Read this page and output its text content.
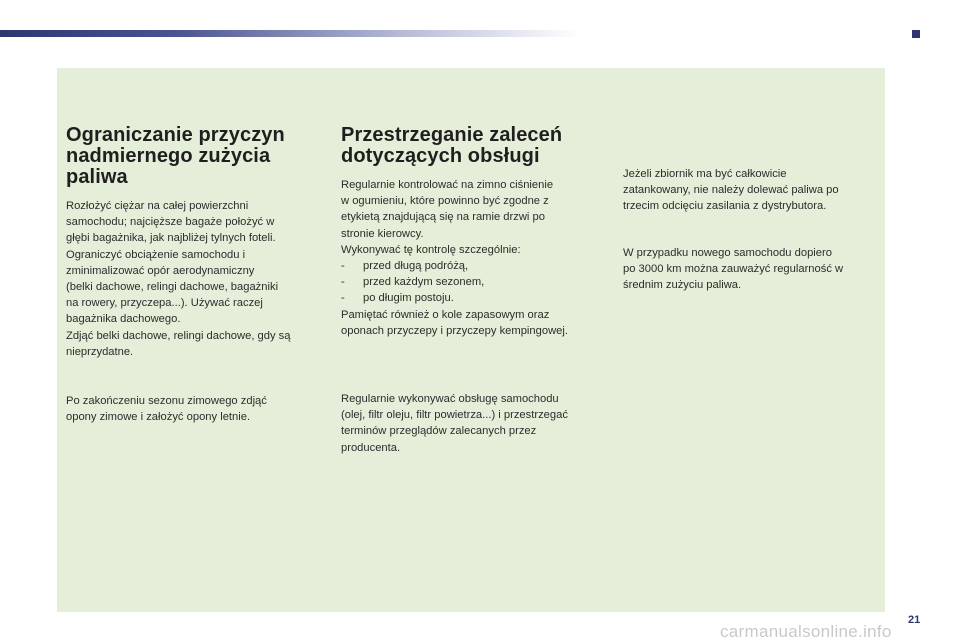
Ograniczanie przyczyn nadmiernego zużycia paliwa

Rozłożyć ciężar na całej powierzchni

samochodu; najcięższe bagaże położyć w

głębi bagażnika, jak najbliżej tylnych foteli.

Ograniczyć obciążenie samochodu i

zminimalizować opór aerodynamiczny

(belki dachowe, relingi dachowe, bagażniki

na rowery, przyczepa...). Używać raczej

bagażnika dachowego.

Zdjąć belki dachowe, relingi dachowe, gdy są

nieprzydatne.

Po zakończeniu sezonu zimowego zdjąć

opony zimowe i założyć opony letnie.

Przestrzeganie zaleceń dotyczących obsługi

Regularnie kontrolować na zimno ciśnienie

w ogumieniu, które powinno być zgodne z

etykietą znajdującą się na ramie drzwi po

stronie kierowcy.

Wykonywać tę kontrolę szczególnie:

-	przed długą podróżą,
-	przed każdym sezonem,
-	po długim postoju.

Pamiętać również o kole zapasowym oraz

oponach przyczepy i przyczepy kempingowej.

Regularnie wykonywać obsługę samochodu

(olej, filtr oleju, filtr powietrza...) i przestrzegać

terminów przeglądów zalecanych przez

producenta.

Jeżeli zbiornik ma być całkowicie

zatankowany, nie należy dolewać paliwa po

trzecim odcięciu zasilania z dystrybutora.

W przypadku nowego samochodu dopiero

po 3000 km można zauważyć regularność w

średnim zużyciu paliwa.

21
carmanualsonline.info
